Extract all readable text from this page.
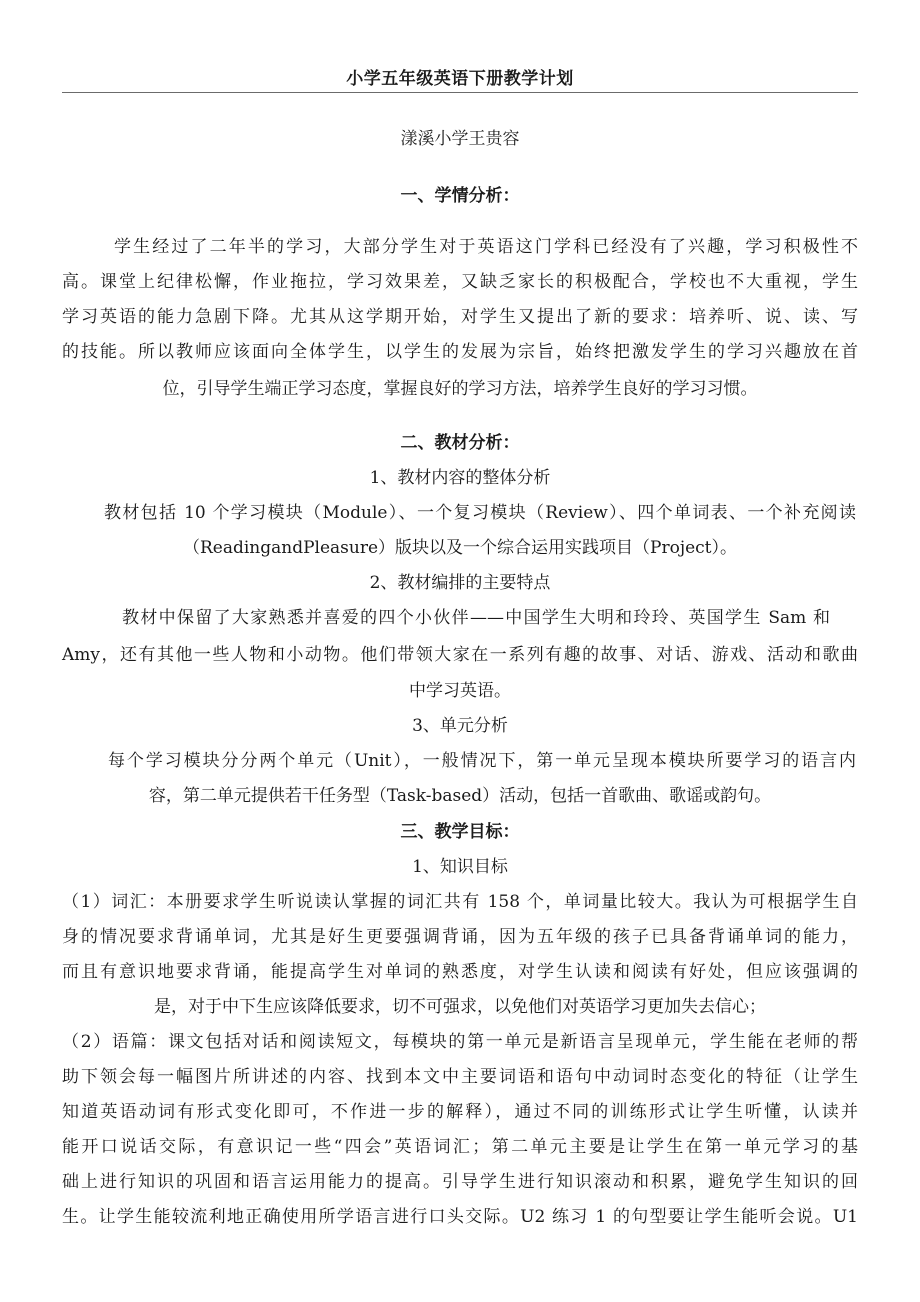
小学五年级英语下册教学计划
漾溪小学王贵容
一、学情分析：
学生经过了二年半的学习，大部分学生对于英语这门学科已经没有了兴趣，学习积极性不
高。课堂上纪律松懈，作业拖拉，学习效果差，又缺乏家长的积极配合，学校也不大重视，学生
学习英语的能力急剧下降。尤其从这学期开始，对学生又提出了新的要求：培养听、说、读、写
的技能。所以教师应该面向全体学生，以学生的发展为宗旨，始终把激发学生的学习兴趣放在首
位，引导学生端正学习态度，掌握良好的学习方法，培养学生良好的学习习惯。
二、教材分析：
1、教材内容的整体分析
教材包括 10 个学习模块（Module）、一个复习模块（Review）、四个单词表、一个补充阅读
（ReadingandPleasure）版块以及一个综合运用实践项目（Project）。
2、教材编排的主要特点
教材中保留了大家熟悉并喜爱的四个小伙伴——中国学生大明和玲玲、英国学生 Sam 和
Amy，还有其他一些人物和小动物。他们带领大家在一系列有趣的故事、对话、游戏、活动和歌曲
中学习英语。
3、单元分析
每个学习模块分分两个单元（Unit），一般情况下，第一单元呈现本模块所要学习的语言内
容，第二单元提供若干任务型（Task-based）活动，包括一首歌曲、歌谣或韵句。
三、教学目标：
1、知识目标
（1）词汇：本册要求学生听说读认掌握的词汇共有 158 个，单词量比较大。我认为可根据学生自
身的情况要求背诵单词，尤其是好生更要强调背诵，因为五年级的孩子已具备背诵单词的能力，
而且有意识地要求背诵，能提高学生对单词的熟悉度，对学生认读和阅读有好处，但应该强调的
是，对于中下生应该降低要求，切不可强求，以免他们对英语学习更加失去信心；
（2）语篇：课文包括对话和阅读短文，每模块的第一单元是新语言呈现单元，学生能在老师的帮
助下领会每一幅图片所讲述的内容、找到本文中主要词语和语句中动词时态变化的特征（让学生
知道英语动词有形式变化即可，不作进一步的解释），通过不同的训练形式让学生听懂，认读并
能开口说话交际，有意识记一些“四会”英语词汇；第二单元主要是让学生在第一单元学习的基
础上进行知识的巩固和语言运用能力的提高。引导学生进行知识滚动和积累，避免学生知识的回
生。让学生能较流利地正确使用所学语言进行口头交际。U2 练习 1 的句型要让学生能听会说。U1
